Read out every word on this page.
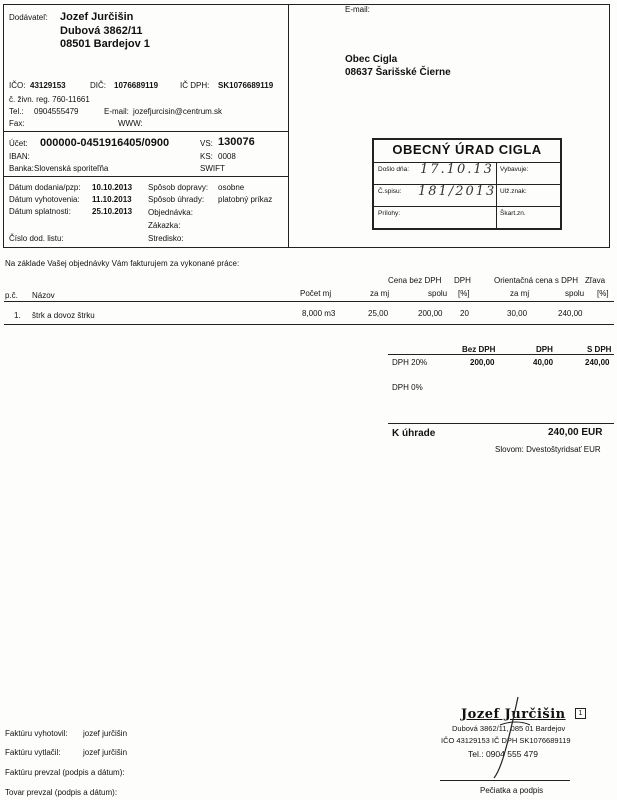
Dodávateľ: Jozef Jurčišin
Dubová 3862/11
08501 Bardejov 1
IČO: 43129153	DIČ: 1076689119	IČ DPH: SK1076689119
č. živn. reg. 760-11661
Tel.: 0904555479	E-mail: jozefjurcisin@centrum.sk
Fax:	WWW:
E-mail:
Obec Cigla
08637 Šarišské Čierne
Účet: 000000-0451916405/0900
IBAN:
Banka: Slovenská sporiteľňa
VS: 130076
KS: 0008
SWIFT
Dátum dodania/pzp: 10.10.2013
Dátum vyhotovenia: 11.10.2013
Dátum splatnosti:	25.10.2013
Číslo dod. listu:
Spôsob dopravy: osobne
Spôsob úhrady: platobný príkaz
Objednávka:
Zákazka:
Stredisko:
OBECNÝ ÚRAD CIGLA
Došlo dňa:	Vybavuje:
Č.spisu:	Ulž.znak:
Prílohy:	Škart.zn.
17.10.13
181/2013
Na základe Vašej objednávky Vám fakturujem za vykonané práce:
Cena bez DPH DPH	Orientačná cena s DPH Zľava
p.č. Názov	Počet mj	za mj	spolu [%]	za mj	spolu [%]
1. štrk a dovoz štrku	8,000 m3	25,00	200,00 20	30,00	240,00
Bez DPH	DPH	S DPH
DPH 20%	200,00	40,00	240,00
DPH 0%
K úhrade	240,00 EUR
Slovom: Dvestoštyridsať EUR
Faktúru vyhotovil: jozef jurčišin
Faktúru vytlačil:	jozef jurčišin
Faktúru prevzal (podpis a dátum):
Tovar prevzal (podpis a dátum):
Jozef Jurčišin	1
Dubová 3862/11, 085 01 Bardejov
IČO 43129153 IČ DPH SK1076689119
Tel.: 0904 555 479
Pečiatka a podpis
